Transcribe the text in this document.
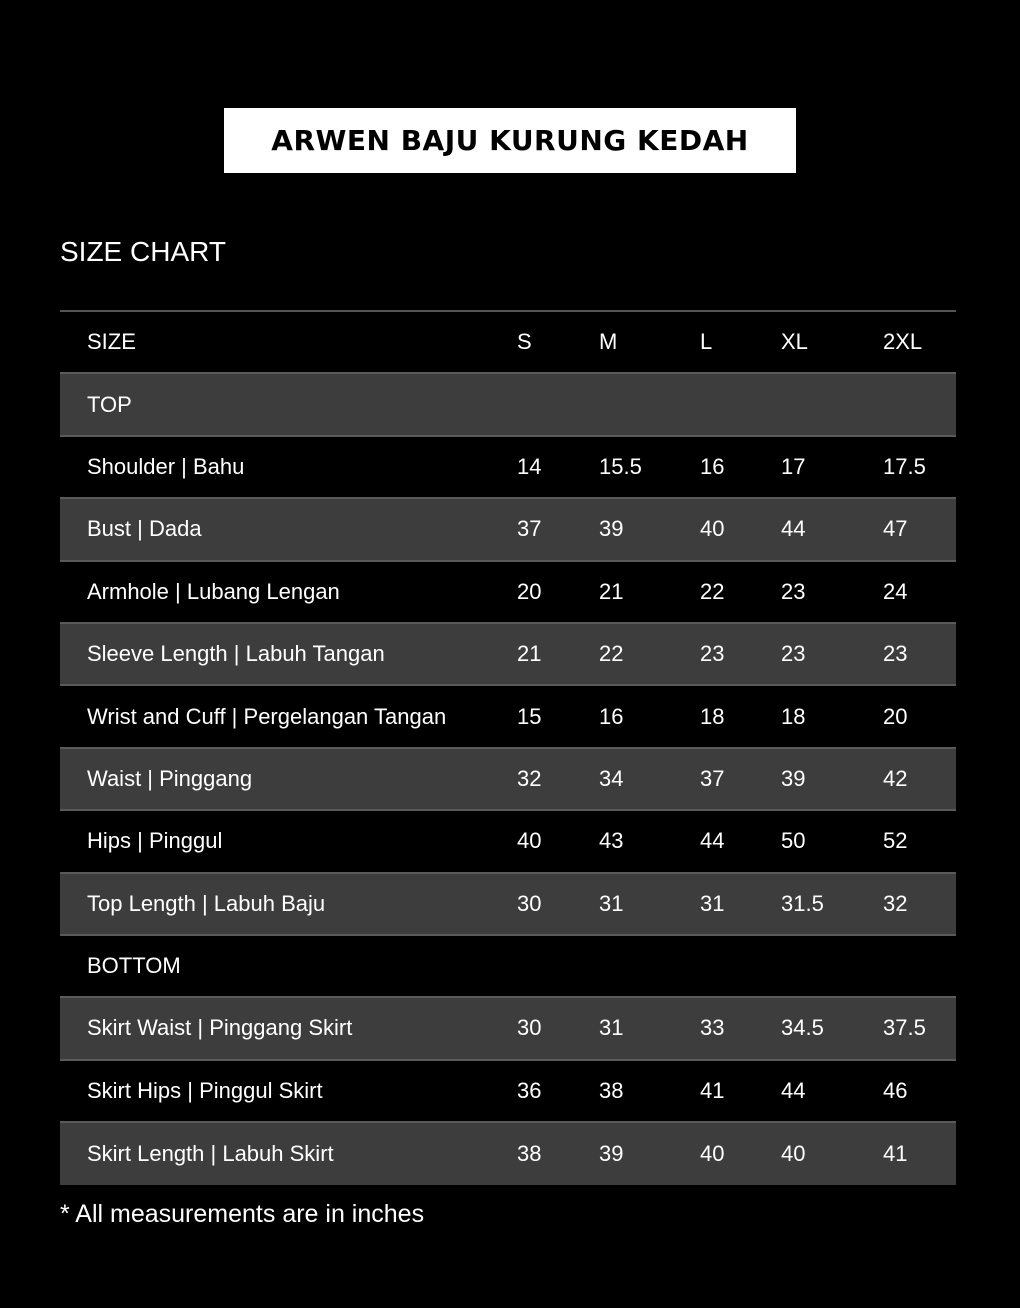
ARWEN BAJU KURUNG KEDAH
SIZE CHART
SIZE	S	M	L	XL	2XL
TOP
Shoulder | Bahu	14	15.5	16	17	17.5
Bust | Dada	37	39	40	44	47
Armhole | Lubang Lengan	20	21	22	23	24
Sleeve Length | Labuh Tangan	21	22	23	23	23
Wrist and Cuff | Pergelangan Tangan	15	16	18	18	20
Waist | Pinggang	32	34	37	39	42
Hips | Pinggul	40	43	44	50	52
Top Length | Labuh Baju	30	31	31	31.5	32
BOTTOM
Skirt Waist | Pinggang Skirt	30	31	33	34.5	37.5
Skirt Hips | Pinggul Skirt	36	38	41	44	46
Skirt Length | Labuh Skirt	38	39	40	40	41
* All measurements are in inches
